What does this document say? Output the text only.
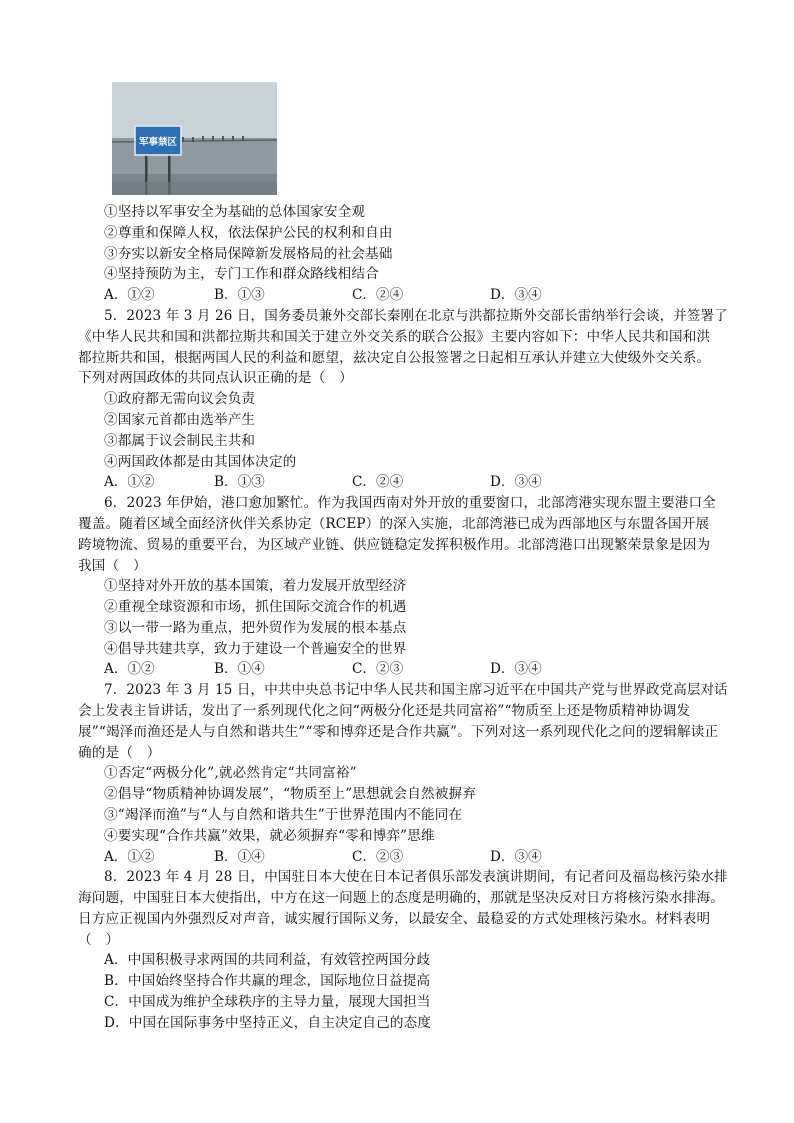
军事禁区
①坚持以军事安全为基础的总体国家安全观
②尊重和保障人权，依法保护公民的权利和自由
③夯实以新安全格局保障新发展格局的社会基础
④坚持预防为主，专门工作和群众路线相结合
A．①②	B．①③	C．②④	D．③④
5．2023 年 3 月 26 日，国务委员兼外交部长秦刚在北京与洪都拉斯外交部长雷纳举行会谈，并签署了
《中华人民共和国和洪都拉斯共和国关于建立外交关系的联合公报》主要内容如下：中华人民共和国和洪
都拉斯共和国，根据两国人民的利益和愿望，兹决定自公报签署之日起相互承认并建立大使级外交关系。
下列对两国政体的共同点认识正确的是（　）
①政府都无需向议会负责
②国家元首都由选举产生
③都属于议会制民主共和
④两国政体都是由其国体决定的
A．①②	B．①③	C．②④	D．③④
6．2023 年伊始，港口愈加繁忙。作为我国西南对外开放的重要窗口，北部湾港实现东盟主要港口全
覆盖。随着区域全面经济伙伴关系协定（RCEP）的深入实施，北部湾港已成为西部地区与东盟各国开展
跨境物流、贸易的重要平台，为区域产业链、供应链稳定发挥积极作用。北部湾港口出现繁荣景象是因为
我国（　）
①坚持对外开放的基本国策，着力发展开放型经济
②重视全球资源和市场，抓住国际交流合作的机遇
③以一带一路为重点，把外贸作为发展的根本基点
④倡导共建共享，致力于建设一个普遍安全的世界
A．①②	B．①④	C．②③	D．③④
7．2023 年 3 月 15 日，中共中央总书记中华人民共和国主席习近平在中国共产党与世界政党高层对话
会上发表主旨讲话，发出了一系列现代化之问“两极分化还是共同富裕”“物质至上还是物质精神协调发
展”“竭泽而渔还是人与自然和谐共生”“零和博弈还是合作共赢”。下列对这一系列现代化之问的逻辑解读正
确的是（　）
①否定“两极分化”,就必然肯定“共同富裕”
②倡导“物质精神协调发展”，“物质至上”思想就会自然被摒弃
③“竭泽而渔”与“人与自然和谐共生”于世界范围内不能同在
④要实现“合作共赢”效果，就必须摒弃“零和博弈”思维
A．①②	B．①④	C．②③	D．③④
8．2023 年 4 月 28 日，中国驻日本大使在日本记者俱乐部发表演讲期间，有记者问及福岛核污染水排
海问题，中国驻日本大使指出，中方在这一问题上的态度是明确的，那就是坚决反对日方将核污染水排海。
日方应正视国内外强烈反对声音，诚实履行国际义务，以最安全、最稳妥的方式处理核污染水。材料表明
（　）
A．中国积极寻求两国的共同利益，有效管控两国分歧
B．中国始终坚持合作共赢的理念，国际地位日益提高
C．中国成为维护全球秩序的主导力量，展现大国担当
D．中国在国际事务中坚持正义，自主决定自己的态度
